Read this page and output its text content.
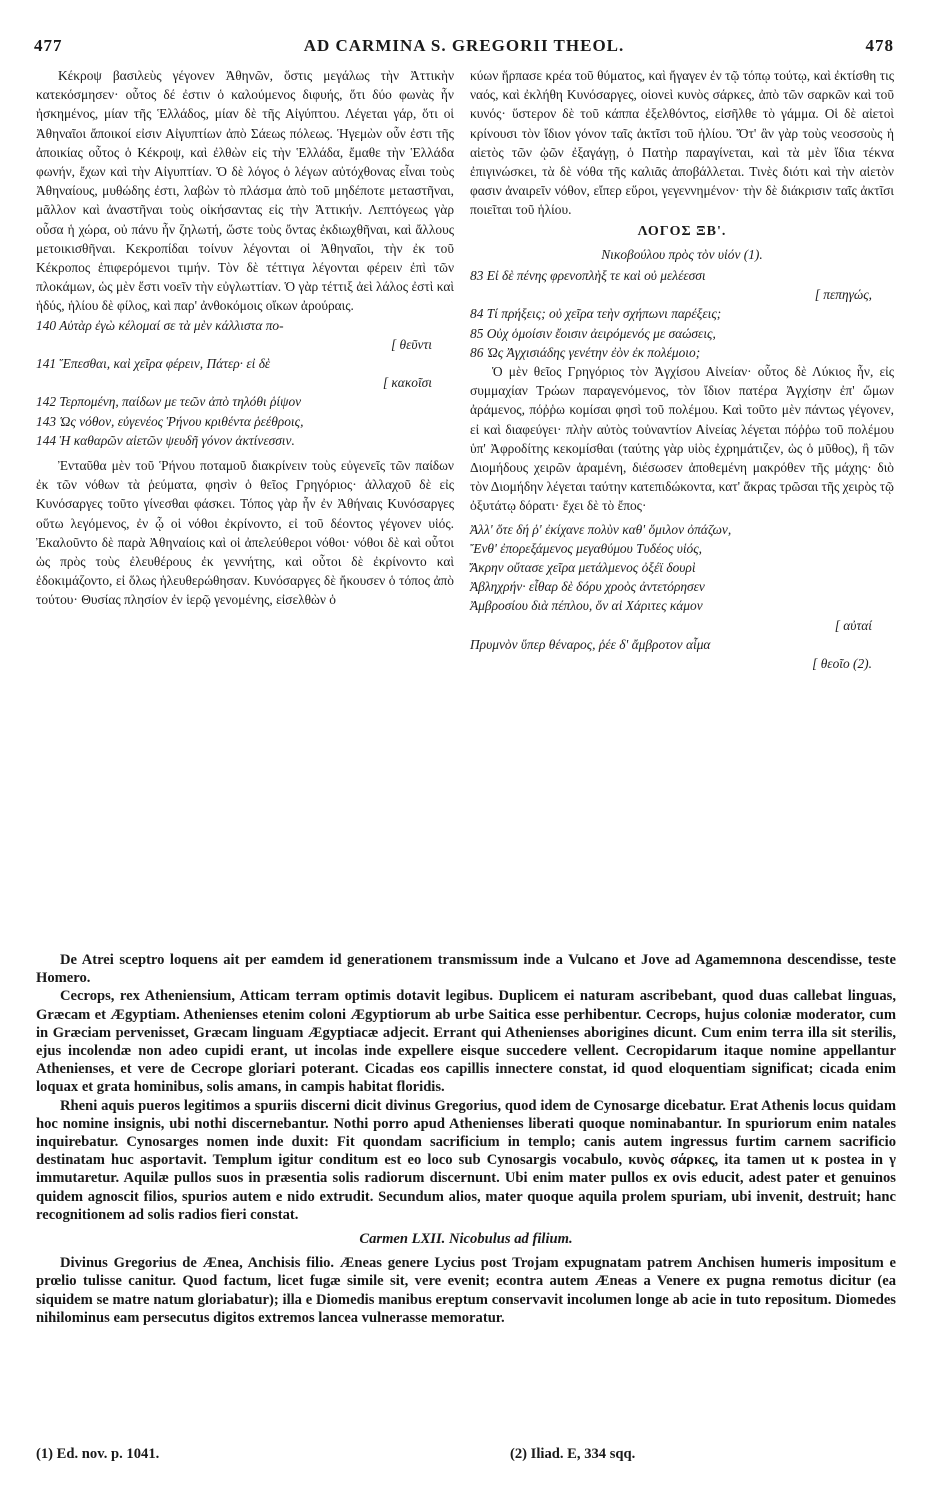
477	AD CARMINA S. GREGORII THEOL.	478

Κέκροψ βασιλεὺς γέγονεν Ἀθηνῶν, ὅστις μεγάλως τὴν Ἀττικὴν κατεκόσμησεν· οὗτος δέ ἐστιν ὁ καλούμενος διφυής, ὅτι δύο φωνὰς ἦν ἠσκημένος, μίαν τῆς Ἑλλάδος, μίαν δὲ τῆς Αἰγύπτου. Λέγεται γάρ, ὅτι οἱ Ἀθηναῖοι ἄποικοί εἰσιν Αἰγυπτίων ἀπὸ Σάεως πόλεως. Ἡγεμὼν οὖν ἐστι τῆς ἀποικίας οὗτος ὁ Κέκροψ, καὶ ἐλθὼν εἰς τὴν Ἑλλάδα, ἔμαθε τὴν Ἑλλάδα φωνήν, ἔχων καὶ τὴν Αἰγυπτίαν. Ὁ δὲ λόγος ὁ λέγων αὐτόχθονας εἶναι τοὺς Ἀθηναίους, μυθώδης ἐστι, λαβὼν τὸ πλάσμα ἀπὸ τοῦ μηδέποτε μεταστῆναι, μᾶλλον καὶ ἀναστῆναι τοὺς οἰκήσαντας εἰς τὴν Ἀττικήν. Λεπτόγεως γὰρ οὖσα ἡ χώρα, οὐ πάνυ ἦν ζηλωτή, ὥστε τοὺς ὄντας ἐκδιωχθῆναι, καὶ ἄλλους μετοικισθῆναι. Κεκροπίδαι τοίνυν λέγονται οἱ Ἀθηναῖοι, τὴν ἐκ τοῦ Κέκροπος ἐπιφερόμενοι τιμήν. Τὸν δὲ τέττιγα λέγονται φέρειν ἐπὶ τῶν πλοκάμων, ὡς μὲν ἔστι νοεῖν τὴν εὐγλωττίαν. Ὁ γὰρ τέττιξ ἀεὶ λάλος ἐστὶ καὶ ἡδύς, ἡλίου δὲ φίλος, καὶ παρ' ἀνθοκόμοις οἴκων ἀρούραις.

140 Αὐτὰρ ἐγὼ κέλομαί σε τὰ μὲν κάλλιστα πο-
[ θεῦντι
141 Ἕπεσθαι, καὶ χεῖρα φέρειν, Πάτερ· εἰ δὲ
[ κακοῖσι
142 Τερπομένη, παίδων με τεῶν ἀπὸ τηλόθι ῥίψον
143 Ὡς νόθον, εὐγενέος Ῥήνου κριθέντα ῥεέθροις,
144 Ἡ καθαρῶν αἰετῶν ψευδῆ γόνον ἀκτίνεσσιν.

Ἐνταῦθα μὲν τοῦ Ῥήνου ποταμοῦ διακρίνειν τοὺς εὐγενεῖς τῶν παίδων ἐκ τῶν νόθων τὰ ῥεύματα, φησὶν ὁ θεῖος Γρηγόριος· ἀλλαχοῦ δὲ εἰς Κυνόσαργες τοῦτο γίνεσθαι φάσκει. Τόπος γὰρ ἦν ἐν Ἀθήναις Κυνόσαργες οὕτω λεγόμενος, ἐν ᾧ οἱ νόθοι ἐκρίνοντο, εἰ τοῦ δέοντος γέγονεν υἱός. Ἐκαλοῦντο δὲ παρὰ Ἀθηναίοις καὶ οἱ ἀπελεύθεροι νόθοι· νόθοι δὲ καὶ οὗτοι ὡς πρὸς τοὺς ἐλευθέρους ἐκ γεννήτης, καὶ οὗτοι δὲ ἐκρίνοντο καὶ ἐδοκιμάζοντο, εἰ ὅλως ἠλευθερώθησαν. Κυνόσαργες δὲ ἤκουσεν ὁ τόπος ἀπὸ τούτου· Θυσίας πλησίον ἐν ἱερῷ γενομένης, εἰσελθὼν ὁ

κύων ἥρπασε κρέα τοῦ θύματος, καὶ ἤγαγεν ἐν τῷ τόπῳ τούτῳ, καὶ ἐκτίσθη τις ναός, καὶ ἐκλήθη Κυνόσαργες, οἱονεὶ κυνὸς σάρκες, ἀπὸ τῶν σαρκῶν καὶ τοῦ κυνός· ὕστερον δὲ τοῦ κάππα ἐξελθόντος, εἰσῆλθε τὸ γάμμα. Οἱ δὲ αἰετοὶ κρίνουσι τὸν ἴδιον γόνον ταῖς ἀκτῖσι τοῦ ἡλίου. Ὅτ' ἂν γὰρ τοὺς νεοσσοὺς ἡ αἰετὸς τῶν ᾠῶν ἐξαγάγῃ, ὁ Πατὴρ παραγίνεται, καὶ τὰ μὲν ἴδια τέκνα ἐπιγινώσκει, τὰ δὲ νόθα τῆς καλιᾶς ἀποβάλλεται. Τινὲς διότι καὶ τὴν αἰετὸν φασιν ἀναιρεῖν νόθον, εἴπερ εὕροι, γεγεννημένον· τὴν δὲ διάκρισιν ταῖς ἀκτῖσι ποιεῖται τοῦ ἡλίου.

ΛΟΓΟΣ ΞΒ'.
Νικοβούλου πρὸς τὸν υἱόν (1).
83 Εἰ δὲ πένης φρενοπλὴξ τε καὶ οὐ μελέεσσι
[ πεπηγώς,
84 Τί πρήξεις; οὐ χεῖρα τεὴν σχήπωνι παρέξεις;
85 Οὐχ ὁμοίσιν ἔοισιν ἀειρόμενός με σαώσεις,
86 Ὡς Ἀγχισιάδης γενέτην ἐὸν ἐκ πολέμοιο;

Ὁ μὲν θεῖος Γρηγόριος τὸν Ἀγχίσου Αἰνείαν· οὗτος δὲ Λύκιος ἦν, εἰς συμμαχίαν Τρώων παραγενόμενος, τὸν ἴδιον πατέρα Ἀγχίσην ἐπ' ὤμων ἀράμενος, πόῤῥω κομίσαι φησὶ τοῦ πολέμου. Καὶ τοῦτο μὲν πάντως γέγονεν, εἰ καὶ διαφεύγει· πλὴν αὐτὸς τοὐναντίον Αἰνείας λέγεται πόῤῥω τοῦ πολέμου ὑπ' Ἀφροδίτης κεκομίσθαι (ταύτης γὰρ υἱὸς ἐχρημάτιζεν, ὡς ὁ μῦθος), ἢ τῶν Διομήδους χειρῶν ἁραμένη, διέσωσεν ἀποθεμένη μακρόθεν τῆς μάχης· διὸ τὸν Διομήδην λέγεται ταύτην κατεπιδώκοντα, κατ' ἄκρας τρῶσαι τῆς χειρὸς τῷ ὀξυτάτῳ δόρατι· ἔχει δὲ τὸ ἔπος·

Ἀλλ' ὅτε δή ῥ' ἐκίχανε πολὺν καθ' ὅμιλον ὀπάζων,
Ἔνθ' ἐπορεξάμενος μεγαθύμου Τυδέος υἱός,
Ἄκρην οὔτασε χεῖρα μετάλμενος ὀξέϊ δουρὶ
Ἀβληχρήν· εἶθαρ δὲ δόρυ χροὸς ἀντετόρησεν
Ἀμβροσίου διὰ πέπλου, ὅν αἱ Χάριτες κάμον
[ αὐταί
Πρυμνὸν ὕπερ θέναρος, ῥέε δ' ἄμβροτον αἷμα
[ θεοῖο (2).

De Atrei sceptro loquens ait per eamdem id generationem transmissum inde a Vulcano et Jove ad Agamemnona descendisse, teste Homero.

Cecrops, rex Atheniensium, Atticam terram optimis dotavit legibus. Duplicem ei naturam ascribebant, quod duas callebat linguas, Græcam et Ægyptiam. Athenienses etenim coloni Ægyptiorum ab urbe Saitica esse perhibentur. Cecrops, hujus coloniæ moderator, cum in Græciam pervenisset, Græcam linguam Ægyptiacæ adjecit. Errant qui Athenienses aborigines dicunt. Cum enim terra illa sit sterilis, ejus incolendæ non adeo cupidi erant, ut incolas inde expellere eisque succedere vellent. Cecropidarum itaque nomine appellantur Athenienses, et vere de Cecrope gloriari poterant. Cicadas eos capillis innectere constat, id quod eloquentiam significat; cicada enim loquax et grata hominibus, solis amans, in campis habitat floridis.

Rheni aquis pueros legitimos a spuriis discerni dicit divinus Gregorius, quod idem de Cynosarge dicebatur. Erat Athenis locus quidam hoc nomine insignis, ubi nothi discernebantur. Nothi porro apud Athenienses liberati quoque nominabantur. In spuriorum enim natales inquirebatur. Cynosarges nomen inde duxit: Fit quondam sacrificium in templo; canis autem ingressus furtim carnem sacrificio destinatam huc asportavit. Templum igitur conditum est eo loco sub Cynosargis vocabulo, κυνὸς σάρκες, ita tamen ut κ postea in γ immutaretur. Aquilæ pullos suos in præsentia solis radiorum discernunt. Ubi enim mater pullos ex ovis educit, adest pater et genuinos quidem agnoscit filios, spurios autem e nido extrudit. Secundum alios, mater quoque aquila prolem spuriam, ubi invenit, destruit; hanc recognitionem ad solis radios fieri constat.

Carmen LXII. Nicobulus ad filium.

Divinus Gregorius de Ænea, Anchisis filio. Æneas genere Lycius post Trojam expugnatam patrem Anchisen humeris impositum e prœlio tulisse canitur. Quod factum, licet fugæ simile sit, vere evenit; econtra autem Æneas a Venere ex pugna remotus dicitur (ea siquidem se matre natum gloriabatur); illa e Diomedis manibus ereptum conservavit incolumen longe ab acie in tuto repositum. Diomedes nihilominus eam persecutus digitos extremos lancea vulnerasse memoratur.

(1) Ed. nov. p. 1041.	(2) Iliad. E, 334 sqq.
